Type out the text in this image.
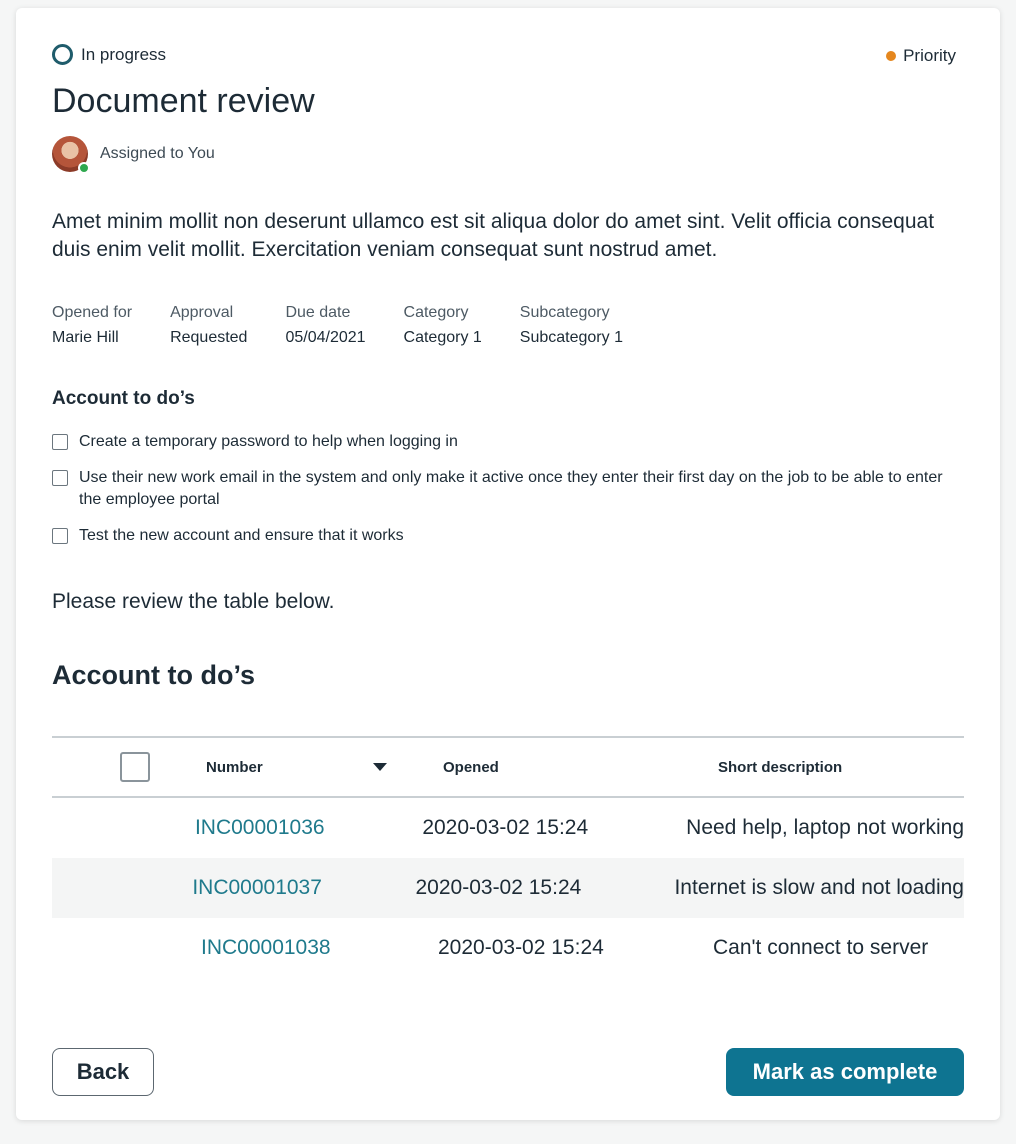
In progress	Priority
Document review
Assigned to You
Amet minim mollit non deserunt ullamco est sit aliqua dolor do amet sint. Velit officia consequat duis enim velit mollit. Exercitation veniam consequat sunt nostrud amet.
Opened for
Marie Hill
Approval
Requested
Due date
05/04/2021
Category
Category 1
Subcategory
Subcategory 1
Account to do’s
Create a temporary password to help when logging in
Use their new work email in the system and only make it active once they enter their first day on the job to be able to enter the employee portal
Test the new account and ensure that it works
Please review the table below.
Account to do’s
Number	Opened	Short description
INC00001036	2020-03-02 15:24	Need help, laptop not working
INC00001037	2020-03-02 15:24	Internet is slow and not loading
INC00001038	2020-03-02 15:24	Can't connect to server
Back	Mark as complete
